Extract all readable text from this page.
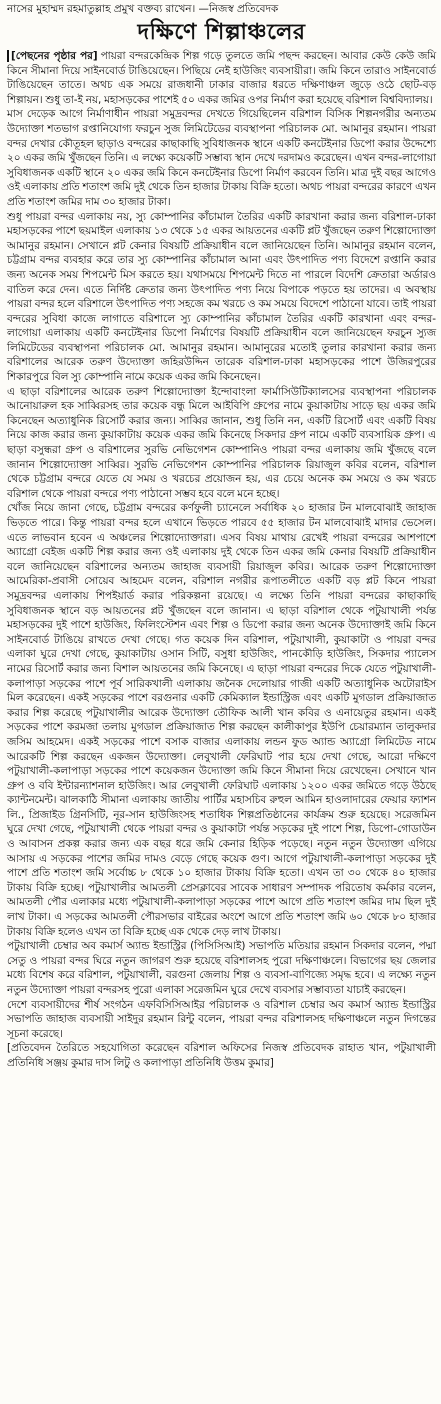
নাসের মুহাম্মদ রহমাতুল্লাহ প্রমুখ বক্তব্য রাখেন। —নিজস্ব প্রতিবেদক

দক্ষিণে শিল্পাঞ্চলের

[পেছনের পৃষ্ঠার পর] পায়রা বন্দরকেন্দ্রিক শিল্প গড়ে তুলতে জমি পছন্দ করছেন। আবার কেউ কেউ জমি কিনে সীমানা দিয়ে সাইনবোর্ড টাঙিয়েছেন। পিছিয়ে নেই হাউজিং ব্যবসায়ীরা। জমি কিনে তারাও সাইনবোর্ড টাঙিয়েছেন তাতে। অথচ এক সময়ে রাজধানী ঢাকার বাজার ধরতে দক্ষিণাঞ্চল জুড়ে ওঠে ছোট-বড় শিল্পায়ন। শুধু তা-ই নয়, মহাসড়কের পাশেই ৫০ একর জমির ওপর নির্মাণ করা হয়েছে বরিশাল বিশ্ববিদ্যালয়।

মাস দেড়েক আগে নির্মাণাধীন পায়রা সমুদ্রবন্দর দেখতে গিয়েছিলেন বরিশাল বিসিক শিল্পনগরীর অন্যতম উদ্যোক্তা শতভাগ রপ্তানিযোগ্য ফরচুন সুজ লিমিটেডের ব্যবস্থাপনা পরিচালক মো. আমানুর রহমান। পায়রা বন্দর দেখার কৌতূহল ছাড়াও বন্দরের কাছাকাছি সুবিধাজনক স্থানে একটি কনটেইনার ডিপো করার উদ্দেশ্যে ২০ একর জমি খুঁজছেন তিনি। এ লক্ষ্যে কয়েকটি সম্ভাব্য স্থান দেখে দরদামও করেছেন। এখন বন্দর-লাগোয়া সুবিধাজনক একটি স্থানে ২০ একর জমি কিনে কনটেইনার ডিপো নির্মাণ করবেন তিনি। মাত্র দুই বছর আগেও ওই এলাকায় প্রতি শতাংশ জমি দুই থেকে তিন হাজার টাকায় বিক্রি হতো। অথচ পায়রা বন্দরের কারণে এখন প্রতি শতাংশ জমির দাম ৩০ হাজার টাকা।

শুধু পায়রা বন্দর এলাকায় নয়, স্যু কোম্পানির কাঁচামাল তৈরির একটি কারখানা করার জন্য বরিশাল-ঢাকা মহাসড়কের পাশে ছয়মাইল এলাকায় ১৩ থেকে ১৫ একর আয়তনের একটি প্লট খুঁজছেন তরুণ শিল্পোদ্যোক্তা আমানুর রহমান। সেখানে প্লট কেনার বিষয়টি প্রক্রিয়াধীন বলে জানিয়েছেন তিনি। আমানুর রহমান বলেন, চট্টগ্রাম বন্দর ব্যবহার করে তার স্যু কোম্পানির কাঁচামাল আনা এবং উৎপাদিত পণ্য বিদেশে রপ্তানি করার জন্য অনেক সময় শিপমেন্ট মিস করতে হয়। যথাসময়ে শিপমেন্ট দিতে না পারলে বিদেশি ক্রেতারা অর্ডারও বাতিল করে দেন। এতে নির্দিষ্ট ক্রেতার জন্য উৎপাদিত পণ্য নিয়ে বিপাকে পড়তে হয় তাদের। এ অবস্থায় পায়রা বন্দর হলে বরিশালে উৎপাদিত পণ্য সহজে কম খরচে ও কম সময়ে বিদেশে পাঠানো যাবে। তাই পায়রা বন্দরের সুবিধা কাজে লাগাতে বরিশালে স্যু কোম্পানির কাঁচামাল তৈরির একটি কারখানা এবং বন্দর-লাগোয়া এলাকায় একটি কনটেইনার ডিপো নির্মাণের বিষয়টি প্রক্রিয়াধীন বলে জানিয়েছেন ফরচুন স্যুজ লিমিটেডের ব্যবস্থাপনা পরিচালক মো. আমানুর রহমান। আমানুরের মতোই তুলার কারখানা করার জন্য বরিশালের আরেক তরুণ উদ্যোক্তা জহিরউদ্দিন তারেক বরিশাল-ঢাকা মহাসড়কের পাশে উজিরপুরের শিকারপুরে বিল স্যু কোম্পানি নামে কয়েক একর জমি কিনেছেন।

এ ছাড়া বরিশালের আরেক তরুণ শিল্পোদ্যোক্তা ইন্দোবাংলা ফার্মাসিউটিক্যালসের ব্যবস্থাপনা পরিচালক আনোয়ারুল হক সাব্বিরসহ তার কয়েক বন্ধু মিলে আইবিপি গ্রুপের নামে কুয়াকাটায় সাড়ে ছয় একর জমি কিনেছেন অত্যাধুনিক রিসোর্ট করার জন্য। সাব্বির জানান, শুধু তিনি নন, একটি রিসোর্ট এবং একটি বিষয় নিয়ে কাজ করার জন্য কুয়াকাটায় কয়েক একর জমি কিনেছে সিকদার গ্রুপ নামে একটি ব্যবসায়িক গ্রুপ। এ ছাড়া বসুন্ধরা গ্রুপ ও বরিশালের সুরভি নেভিগেশন কোম্পানিও পায়রা বন্দর এলাকায় জমি খুঁজছে বলে জানান শিল্পোদ্যোক্তা সাব্বির। সুরভি নেভিগেশন কোম্পানির পরিচালক রিয়াজুল কবির বলেন, বরিশাল থেকে চট্টগ্রাম বন্দরে যেতে যে সময় ও খরচের প্রয়োজন হয়, এর চেয়ে অনেক কম সময়ে ও কম খরচে বরিশাল থেকে পায়রা বন্দরে পণ্য পাঠানো সম্ভব হবে বলে মনে হচ্ছে।

খোঁজ নিয়ে জানা গেছে, চট্টগ্রাম বন্দরের কর্ণফুলী চ্যানেলে সর্বাধিক ২০ হাজার টন মালবোঝাই জাহাজ ভিড়তে পারে। কিন্তু পায়রা বন্দর হলে এখানে ভিড়তে পারবে ৫৫ হাজার টন মালবোঝাই মাদার ভেসেল। এতে লাভবান হবেন এ অঞ্চলের শিল্পোদ্যোক্তারা। এসব বিষয় মাথায় রেখেই পায়রা বন্দরের আশপাশে অ্যাগ্রো বেইজ একটি শিল্প করার জন্য ওই এলাকায় দুই থেকে তিন একর জমি কেনার বিষয়টি প্রক্রিয়াধীন বলে জানিয়েছেন বরিশালের অন্যতম জাহাজ ব্যবসায়ী রিয়াজুল কবির। আরেক তরুণ শিল্পোদ্যোক্তা আমেরিকা-প্রবাসী সোয়েব আহমেদ বলেন, বরিশাল নগরীর রূপাতলীতে একটি বড় প্লট কিনে পায়রা সমুদ্রবন্দর এলাকায় শিপইয়ার্ড করার পরিকল্পনা রয়েছে। এ লক্ষ্যে তিনি পায়রা বন্দরের কাছাকাছি সুবিধাজনক স্থানে বড় আয়তনের প্লট খুঁজছেন বলে জানান। এ ছাড়া বরিশাল থেকে পটুয়াখালী পর্যন্ত মহাসড়কের দুই পাশে হাউজিং, ফিলিংস্টেশন এবং শিল্প ও ডিপো করার জন্য অনেক উদ্যোক্তাই জমি কিনে সাইনবোর্ড টাঙিয়ে রাখতে দেখা গেছে। গত কয়েক দিন বরিশাল, পটুয়াখালী, কুয়াকাটা ও পায়রা বন্দর এলাকা ঘুরে দেখা গেছে, কুয়াকাটায় ওসান সিটি, বসুধা হাউজিং, পানকৌড়ি হাউজিং, সিকদার প্যালেস নামের রিসোর্ট করার জন্য বিশাল আয়তনের জমি কিনেছে। এ ছাড়া পায়রা বন্দরের দিকে যেতে পটুয়াখালী-কলাপাড়া সড়কের পাশে পূর্ব সারিকখালী এলাকায় জনৈক দেলোয়ার গাজী একটি অত্যাধুনিক অটোরাইস মিল করেছেন। একই সড়কের পাশে বরগুনার একটি কেমিক্যাল ইন্ডাস্ট্রিজ এবং একটি মুগডাল প্রক্রিয়াজাত করার শিল্প করেছে পটুয়াখালীর আরেক উদ্যোক্তা তৌফিক আলী খান কবির ও এনায়েতুর রহমান। একই সড়কের পাশে করমজা তলায় মুগডাল প্রক্রিয়াজাত শিল্প করছেন কালীকাপুর ইউপি চেয়ারম্যান তালুকদার জসিম আহমেদ। একই সড়কের পাশে বসাক বাজার এলাকায় লন্ডন ফুড অ্যান্ড অ্যাগ্রো লিমিটেড নামে আরেকটি শিল্প করছেন একজন উদ্যোক্তা। লেবুখালী ফেরিঘাট পার হয়ে দেখা গেছে, আরো দক্ষিণে পটুয়াখালী-কলাপাড়া সড়কের পাশে কয়েকজন উদ্যোক্তা জমি কিনে সীমানা দিয়ে রেখেছেন। সেখানে খান গ্রুপ ও ববি ইন্টারন্যাশনাল হাউজিং। আর লেবুখালী ফেরিঘাট এলাকায় ১২০০ একর জমিতে গড়ে উঠছে ক্যান্টনমেন্ট। ঝালকাঠি সীমানা এলাকায় জাতীয় পার্টির মহাসচিব রুহুল আমিন হাওলাদারের ফেয়ার ফ্যাশন লি., প্রিজাইড গ্রিনসিটি, নূর-সান হাউজিংসহ শতাধিক শিল্পপ্রতিষ্ঠানের কার্যক্রম শুরু হয়েছে। সরেজমিন ঘুরে দেখা গেছে, পটুয়াখালী থেকে পায়রা বন্দর ও কুয়াকাটা পর্যন্ত সড়কের দুই পাশে শিল্প, ডিপো-গোডাউন ও আবাসন প্রকল্প করার জন্য এক বছর ধরে জমি কেনার হিড়িক পড়েছে। নতুন নতুন উদ্যোক্তা এগিয়ে আসায় এ সড়কের পাশের জমির দামও বেড়ে গেছে কয়েক গুণ। আগে পটুয়াখালী-কলাপাড়া সড়কের দুই পাশে প্রতি শতাংশ জমি সর্বোচ্চ ৮ থেকে ১০ হাজার টাকায় বিক্রি হতো। এখন তা ৩০ থেকে ৪০ হাজার টাকায় বিক্রি হচ্ছে। পটুয়াখালীর আমতলী প্রেসক্লাবের সাবেক সাধারণ সম্পাদক পরিতোষ কর্মকার বলেন, আমতলী পৌর এলাকার মধ্যে পটুয়াখালী-কলাপাড়া সড়কের পাশে আগে প্রতি শতাংশ জমির দাম ছিল দুই লাখ টাকা। এ সড়কের আমতলী পৌরসভার বাইরের অংশে আগে প্রতি শতাংশ জমি ৬০ থেকে ৮০ হাজার টাকায় বিক্রি হলেও এখন তা বিক্রি হচ্ছে এক থেকে দেড় লাখ টাকায়।

পটুয়াখালী চেম্বার অব কমার্স অ্যান্ড ইন্ডাস্ট্রির (পিসিসিআই) সভাপতি মতিয়ার রহমান সিকদার বলেন, পদ্মা সেতু ও পায়রা বন্দর ঘিরে নতুন জাগরণ শুরু হয়েছে বরিশালসহ পুরো দক্ষিণাঞ্চলে। বিভাগের ছয় জেলার মধ্যে বিশেষ করে বরিশাল, পটুয়াখালী, বরগুনা জেলায় শিল্প ও ব্যবসা-বাণিজ্যে সমৃদ্ধ হবে। এ লক্ষ্যে নতুন নতুন উদ্যোক্তা পায়রা বন্দরসহ পুরো এলাকা সরেজমিন ঘুরে দেখে ব্যবসার সম্ভাব্যতা যাচাই করছেন।

দেশে ব্যবসায়ীদের শীর্ষ সংগঠন এফবিসিসিআইর পরিচালক ও বরিশাল চেম্বার অব কমার্স অ্যান্ড ইন্ডাস্ট্রির সভাপতি জাহাজ ব্যবসায়ী সাইদুর রহমান রিন্টু বলেন, পায়রা বন্দর বরিশালসহ দক্ষিণাঞ্চলে নতুন দিগন্তের সূচনা করেছে।

[প্রতিবেদন তৈরিতে সহযোগিতা করেছেন বরিশাল অফিসের নিজস্ব প্রতিবেদক রাহাত খান, পটুয়াখালী প্রতিনিধি সঞ্জয় কুমার দাস লিটু ও কলাপাড়া প্রতিনিধি উত্তম কুমার]
